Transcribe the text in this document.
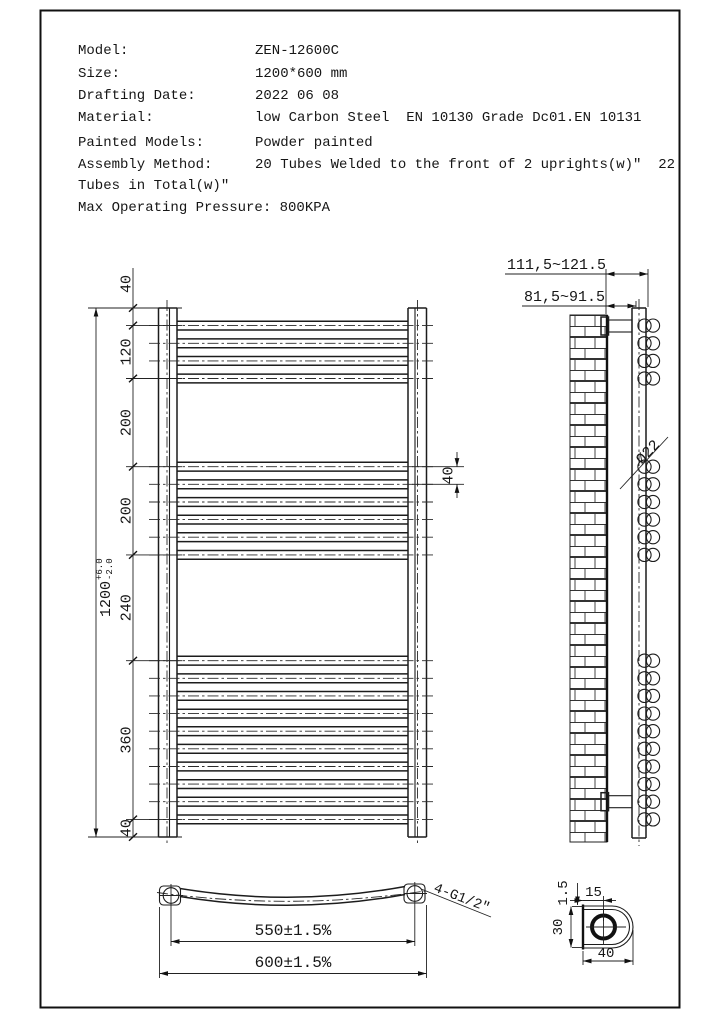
Model:	ZEN-12600C
Size:	1200*600 mm
Drafting Date:	2022 06 08
Material:	low Carbon Steel  EN 10130 Grade Dc01.EN 10131
Painted Models:	Powder painted
Assembly Method:	20 Tubes Welded to the front of 2 uprights(w)″  22
Tubes in Total(w)″
Max Operating Pressure: 800KPA
40
120
200
200
240
360
40
1200
+6.0 -2.0
40
111,5~121.5
81,5~91.5
Ø22
4-G1/2"
550±1.5%
600±1.5%
1.5 15
30
40
